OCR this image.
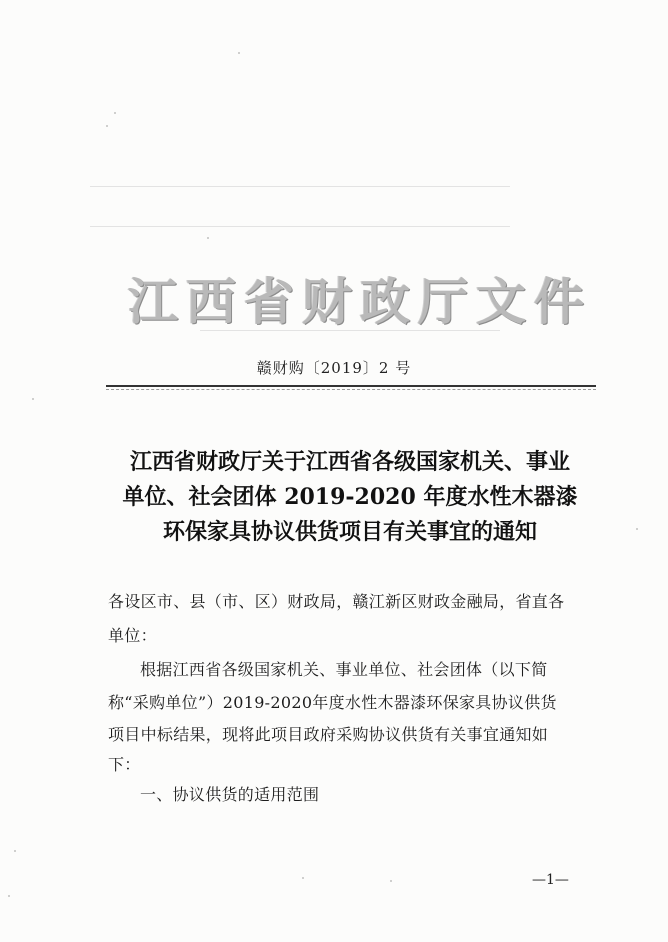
江西省财政厅文件
赣财购〔2019〕2 号
江西省财政厅关于江西省各级国家机关、事业
单位、社会团体 2019-2020 年度水性木器漆
环保家具协议供货项目有关事宜的通知
各设区市、县（市、区）财政局，赣江新区财政金融局，省直各
单位：
根据江西省各级国家机关、事业单位、社会团体（以下简
称“采购单位”）2019-2020年度水性木器漆环保家具协议供货
项目中标结果，现将此项目政府采购协议供货有关事宜通知如
下：
一、协议供货的适用范围
—1—
